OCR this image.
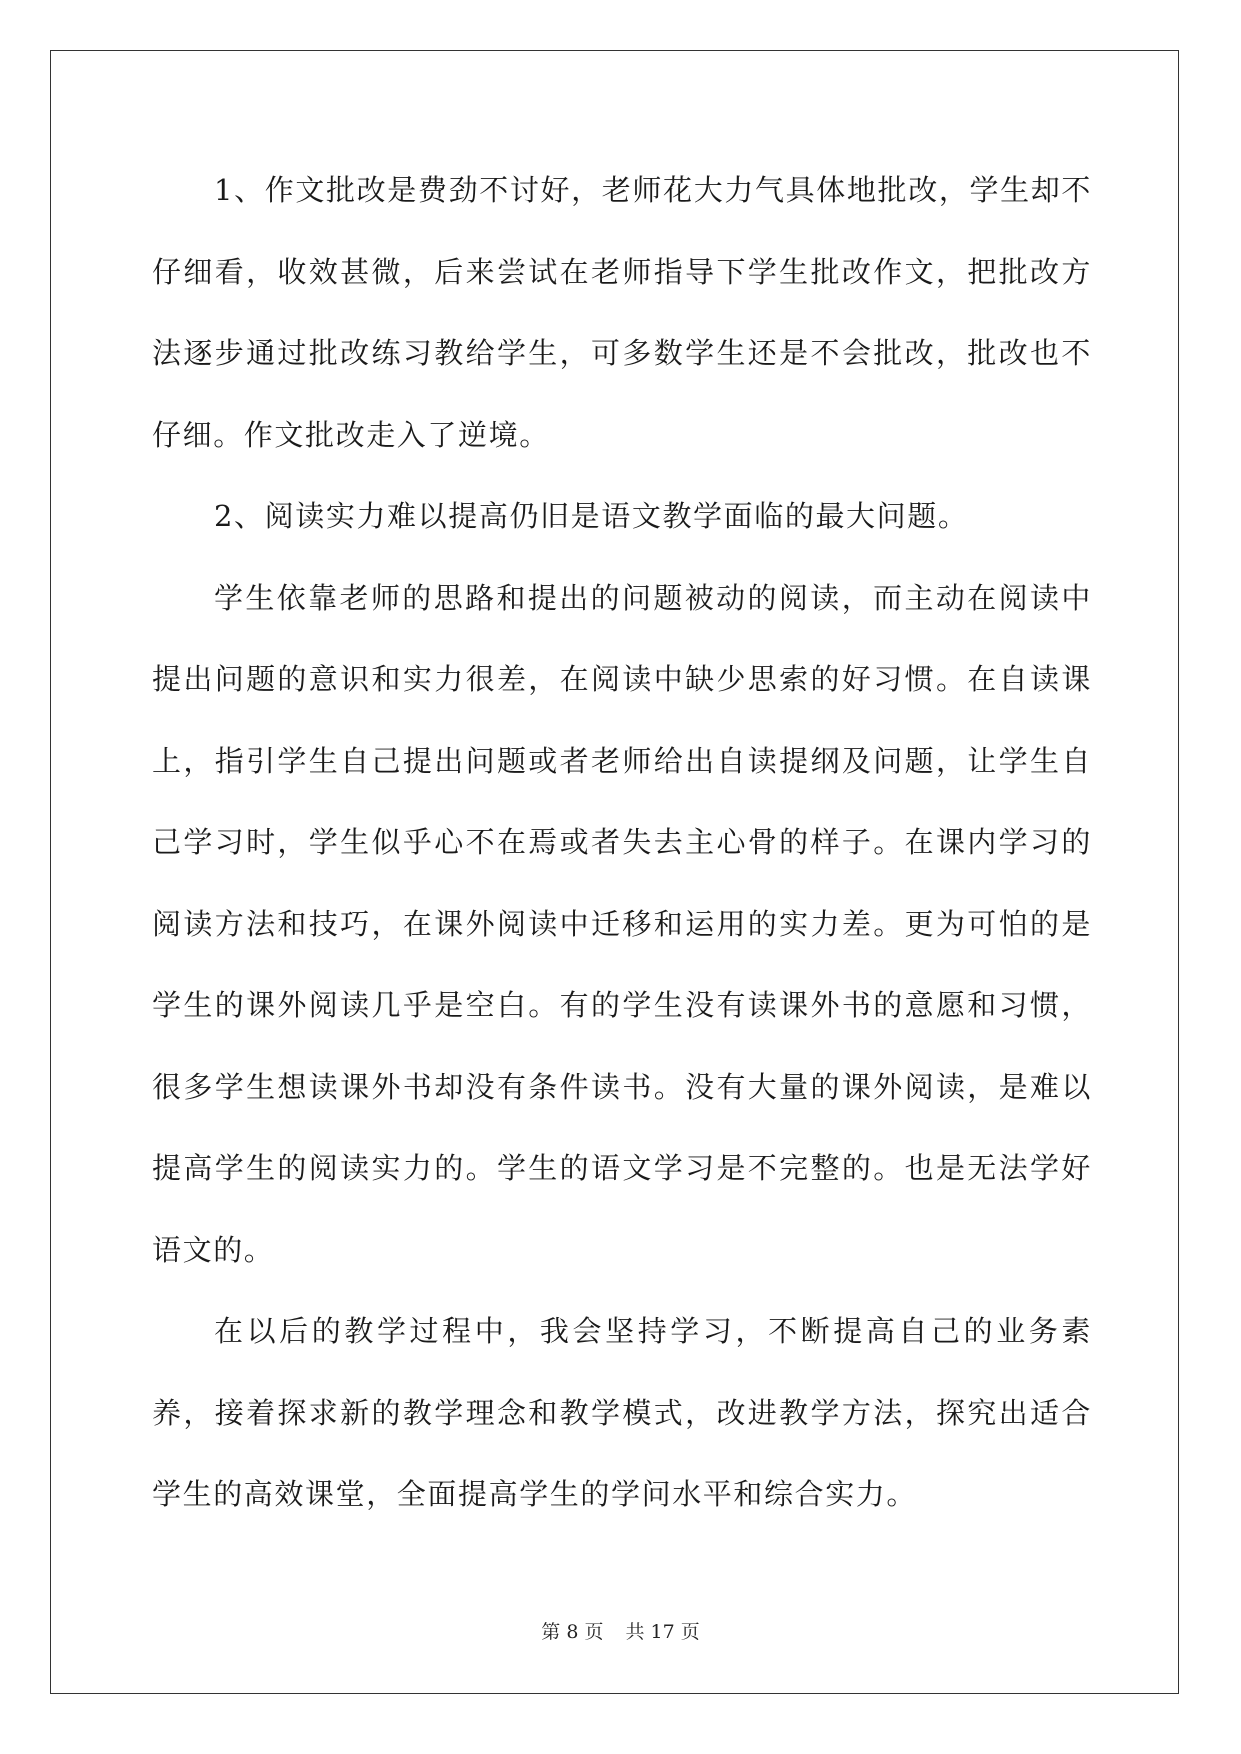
1、作文批改是费劲不讨好，老师花大力气具体地批改，学生却不仔细看，收效甚微，后来尝试在老师指导下学生批改作文，把批改方法逐步通过批改练习教给学生，可多数学生还是不会批改，批改也不仔细。作文批改走入了逆境。

2、阅读实力难以提高仍旧是语文教学面临的最大问题。

学生依靠老师的思路和提出的问题被动的阅读，而主动在阅读中提出问题的意识和实力很差，在阅读中缺少思索的好习惯。在自读课上，指引学生自己提出问题或者老师给出自读提纲及问题，让学生自己学习时，学生似乎心不在焉或者失去主心骨的样子。在课内学习的阅读方法和技巧，在课外阅读中迁移和运用的实力差。更为可怕的是学生的课外阅读几乎是空白。有的学生没有读课外书的意愿和习惯，很多学生想读课外书却没有条件读书。没有大量的课外阅读，是难以提高学生的阅读实力的。学生的语文学习是不完整的。也是无法学好语文的。

在以后的教学过程中，我会坚持学习，不断提高自己的业务素养，接着探求新的教学理念和教学模式，改进教学方法，探究出适合学生的高效课堂，全面提高学生的学问水平和综合实力。

第 8 页 共 17 页
